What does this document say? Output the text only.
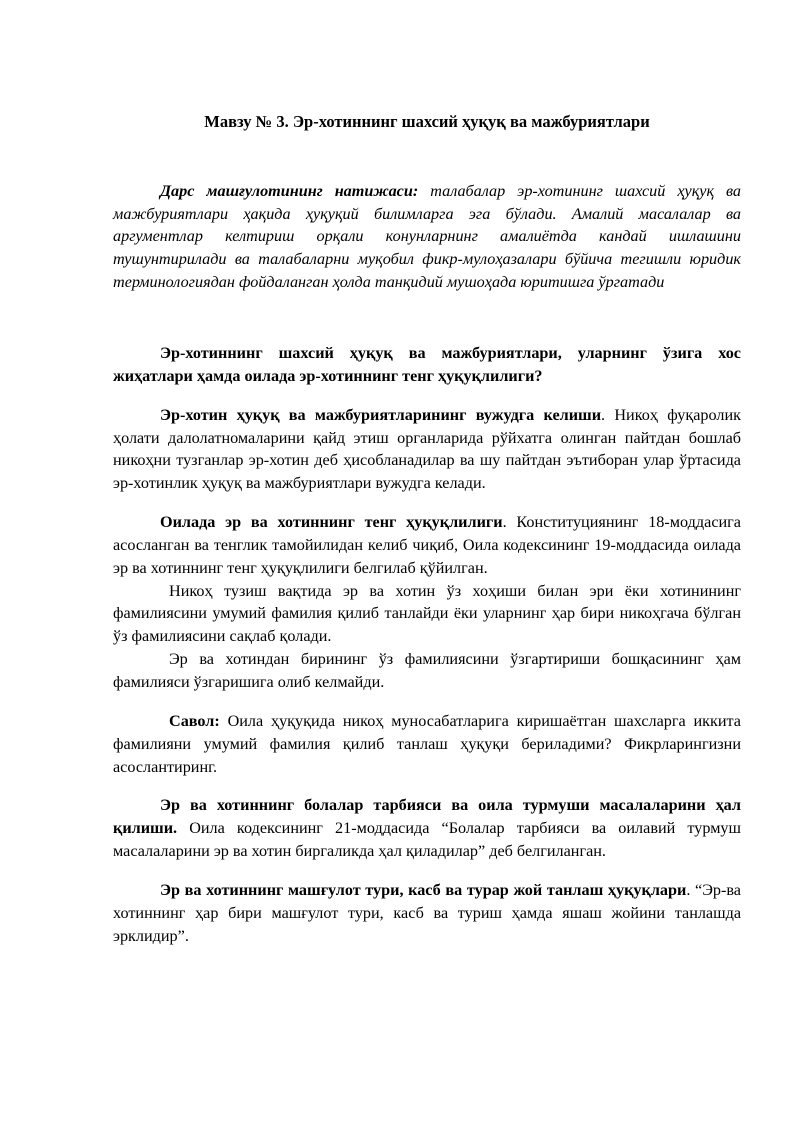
Мавзу № 3. Эр-хотиннинг шахсий ҳуқуқ ва мажбуриятлари

Дарс машғулотининг натижаси: талабалар эр-хотининг шахсий ҳуқуқ ва мажбуриятлари ҳақида ҳуқуқий билимларга эга бўлади. Амалий масалалар ва аргументлар келтириш орқали конунларнинг амалиётда кандай ишлашини тушунтирилади ва талабаларни муқобил фикр-мулоҳазалари бўйича тегишли юридик терминологиядан фойдаланган ҳолда танқидий мушоҳада юритишга ўргатади

Эр-хотиннинг шахсий ҳуқуқ ва мажбуриятлари, уларнинг ўзига хос жиҳатлари ҳамда оилада эр-хотиннинг тенг ҳуқуқлилиги?

Эр-хотин ҳуқуқ ва мажбуриятларининг вужудга келиши. Никоҳ фуқаролик ҳолати далолатномаларини қайд этиш органларида рўйхатга олинган пайтдан бошлаб никоҳни тузганлар эр-хотин деб ҳисобланадилар ва шу пайтдан эътиборан улар ўртасида эр-хотинлик ҳуқуқ ва мажбуриятлари вужудга келади.

Оилада эр ва хотиннинг тенг ҳуқуқлилиги. Конституциянинг 18-моддасига асосланган ва тенглик тамойилидан келиб чиқиб, Оила кодексининг 19-моддасида оилада эр ва хотиннинг тенг ҳуқуқлилиги белгилаб қўйилган.

Никоҳ тузиш вақтида эр ва хотин ўз хоҳиши билан эри ёки хотинининг фамилиясини умумий фамилия қилиб танлайди ёки уларнинг ҳар бири никоҳгача бўлган ўз фамилиясини сақлаб қолади.

Эр ва хотиндан бирининг ўз фамилиясини ўзгартириши бошқасининг ҳам фамилияси ўзгаришига олиб келмайди.

Савол: Оила ҳуқуқида никоҳ муносабатларига киришаётган шахсларга иккита фамилияни умумий фамилия қилиб танлаш ҳуқуқи бериладими? Фикрларингизни асослантиринг.

Эр ва хотиннинг болалар тарбияси ва оила турмуши масалаларини ҳал қилиши. Оила кодексининг 21-моддасида “Болалар тарбияси ва оилавий турмуш масалаларини эр ва хотин биргаликда ҳал қиладилар” деб белгиланган.

Эр ва хотиннинг машғулот тури, касб ва турар жой танлаш ҳуқуқлари. “Эр-ва хотиннинг ҳар бири машғулот тури, касб ва туриш ҳамда яшаш жойини танлашда эрклидир”.
